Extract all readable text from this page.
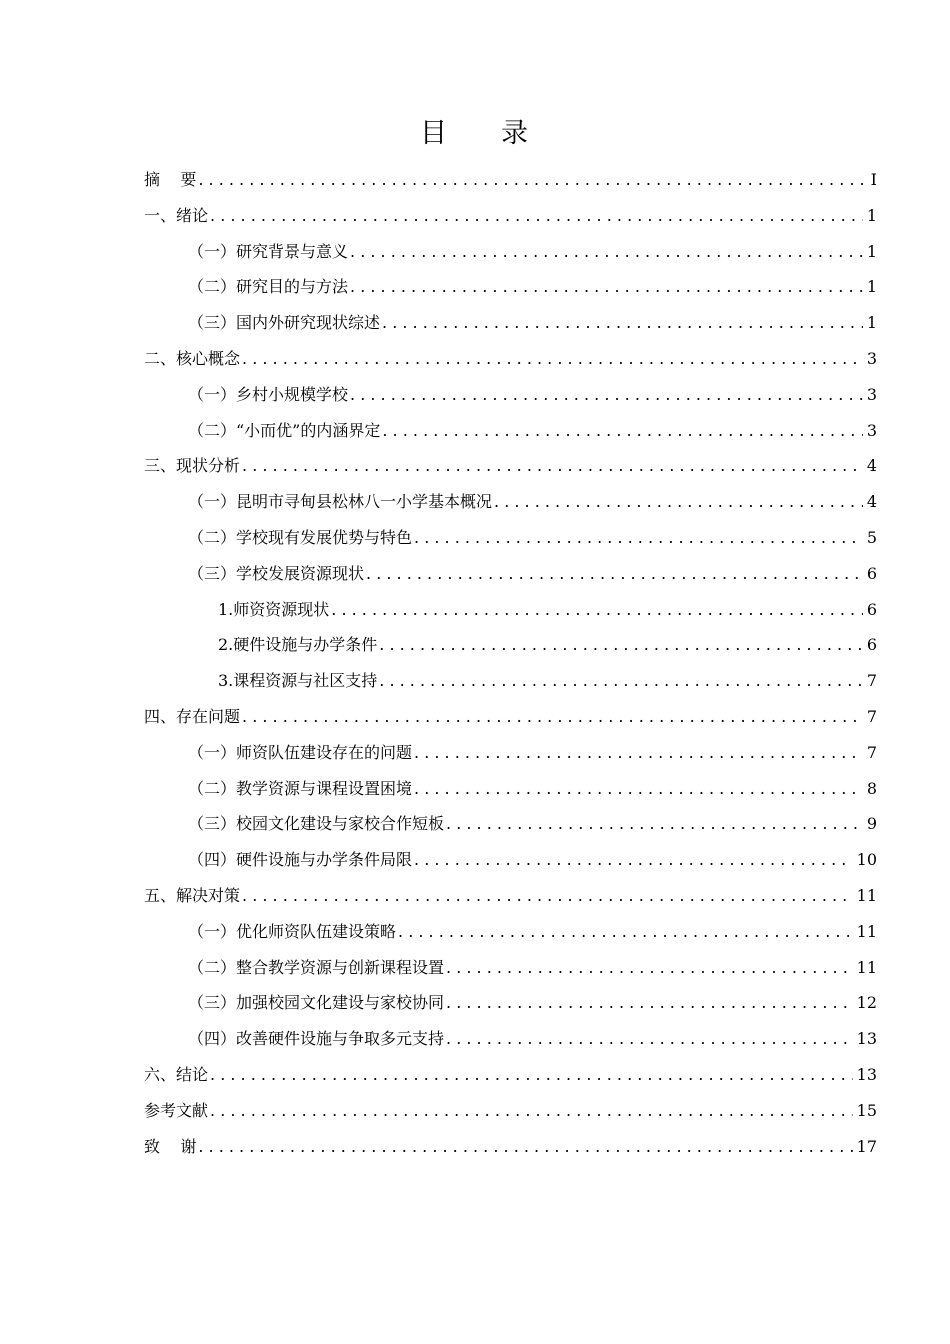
目 录
摘    要 . . .	I
一、绪论 . . .	1
（一）研究背景与意义 . . .	1
（二）研究目的与方法 . . .	1
（三）国内外研究现状综述 . . .	1
二、核心概念 . . .	3
（一）乡村小规模学校 . . .	3
（二）“小而优”的内涵界定 . . .	3
三、现状分析 . . .	4
（一）昆明市寻甸县松林八一小学基本概况 . . .	4
（二）学校现有发展优势与特色 . . .	5
（三）学校发展资源现状 . . .	6
1.师资资源现状 . . .	6
2.硬件设施与办学条件 . . .	6
3.课程资源与社区支持 . . .	7
四、存在问题 . . .	7
（一）师资队伍建设存在的问题 . . .	7
（二）教学资源与课程设置困境 . . .	8
（三）校园文化建设与家校合作短板 . . .	9
（四）硬件设施与办学条件局限 . . .	10
五、解决对策 . . .	11
（一）优化师资队伍建设策略 . . .	11
（二）整合教学资源与创新课程设置 . . .	11
（三）加强校园文化建设与家校协同 . . .	12
（四）改善硬件设施与争取多元支持 . . .	13
六、结论 . . .	13
参考文献 . . .	15
致    谢 . . .	17
